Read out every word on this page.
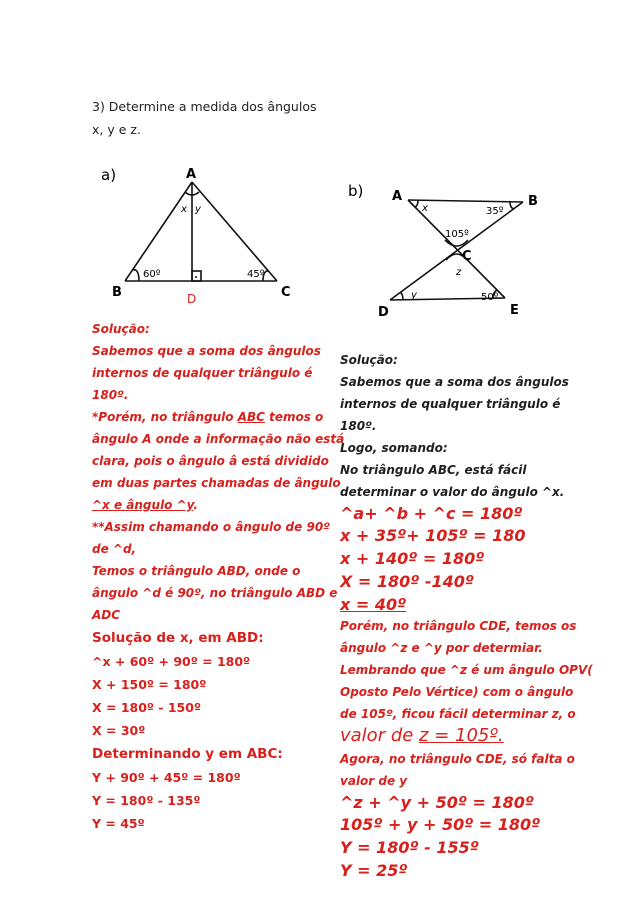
3) Determine a medida dos ângulos
x, y e z.
a)	A
B	C
x y
60º	45º
D
b) A	B
C
D	E
x	35º
105º
z
y	50º
Solução:
Sabemos que a soma dos ângulos
internos de qualquer triângulo é
180º.
*Porém, no triângulo ABC temos o
ângulo A onde a informação não está
clara, pois o ângulo â está dividido
em duas partes chamadas de ângulo
^x e ângulo ^y.
**Assim chamando o ângulo de 90º
de ^d,
Temos o triângulo ABD, onde o
ângulo ^d é 90º, no triângulo ABD e
ADC
Solução de x, em ABD:
^x + 60º + 90º = 180º
X + 150º = 180º
X = 180º - 150º
X = 30º
Determinando y em ABC:
Y + 90º + 45º = 180º
Y = 180º - 135º
Y = 45º
Solução:
Sabemos que a soma dos ângulos
internos de qualquer triângulo é
180º.
Logo, somando:
No triângulo ABC, está fácil
determinar o valor do ângulo ^x.
^a+ ^b + ^c = 180º
x + 35º+ 105º = 180
x + 140º = 180º
X = 180º -140º
x = 40º
Porém, no triângulo CDE, temos os
ângulo ^z e ^y por determiar.
Lembrando que ^z é um ângulo OPV(
Oposto Pelo Vértice) com o ângulo
de 105º, ficou fácil determinar z, o
valor de z = 105º.
Agora, no triângulo CDE, só falta o
valor de y
^z + ^y + 50º = 180º
105º + y + 50º = 180º
Y = 180º - 155º
Y = 25º
